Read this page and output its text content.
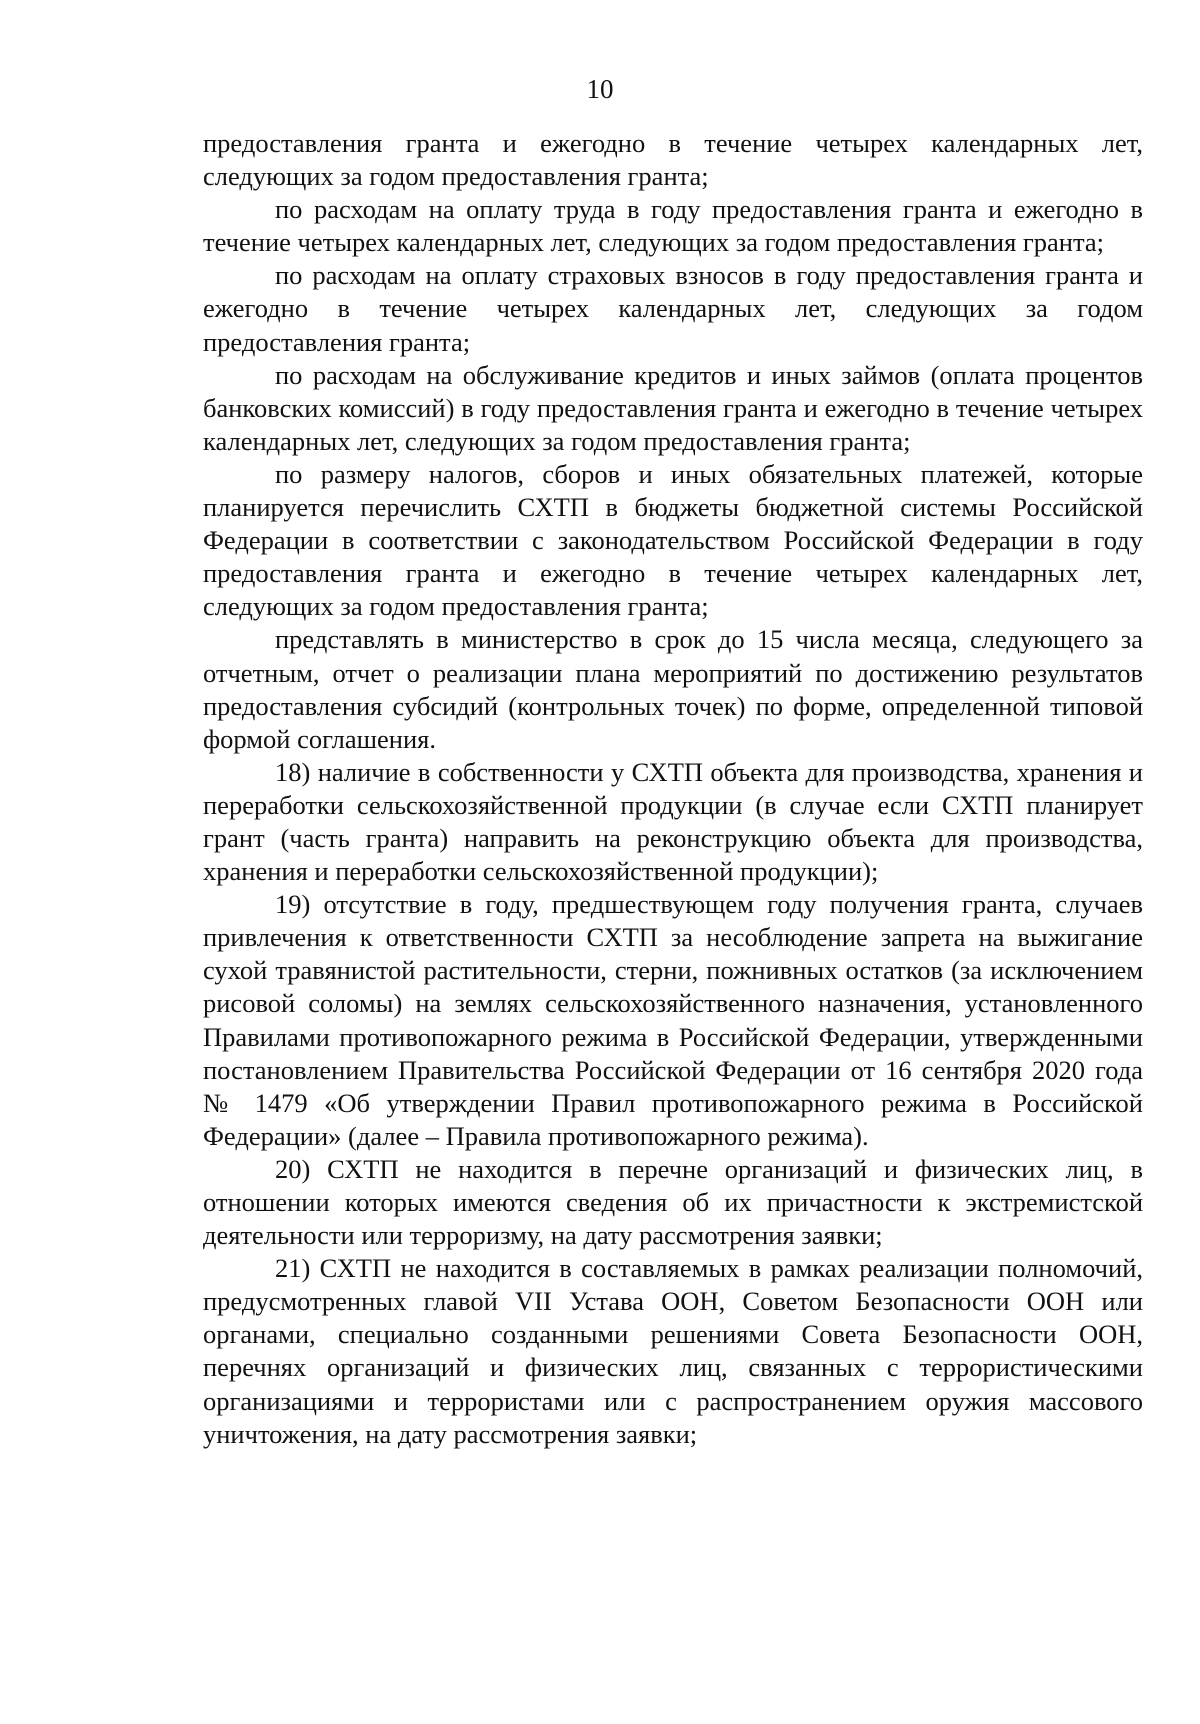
10

предоставления гранта и ежегодно в течение четырех календарных лет, следующих за годом предоставления гранта;

по расходам на оплату труда в году предоставления гранта и ежегодно в течение четырех календарных лет, следующих за годом предоставления гранта;

по расходам на оплату страховых взносов в году предоставления гранта и ежегодно в течение четырех календарных лет, следующих за годом предоставления гранта;

по расходам на обслуживание кредитов и иных займов (оплата процентов банковских комиссий) в году предоставления гранта и ежегодно в течение четырех календарных лет, следующих за годом предоставления гранта;

по размеру налогов, сборов и иных обязательных платежей, которые планируется перечислить СХТП в бюджеты бюджетной системы Российской Федерации в соответствии с законодательством Российской Федерации в году предоставления гранта и ежегодно в течение четырех календарных лет, следующих за годом предоставления гранта;

представлять в министерство в срок до 15 числа месяца, следующего за отчетным, отчет о реализации плана мероприятий по достижению результатов предоставления субсидий (контрольных точек) по форме, определенной типовой формой соглашения.

18) наличие в собственности у СХТП объекта для производства, хранения и переработки сельскохозяйственной продукции (в случае если СХТП планирует грант (часть гранта) направить на реконструкцию объекта для производства, хранения и переработки сельскохозяйственной продукции);

19) отсутствие в году, предшествующем году получения гранта, случаев привлечения к ответственности СХТП за несоблюдение запрета на выжигание сухой травянистой растительности, стерни, пожнивных остатков (за исключением рисовой соломы) на землях сельскохозяйственного назначения, установленного Правилами противопожарного режима в Российской Федерации, утвержденными постановлением Правительства Российской Федерации от 16 сентября 2020 года № 1479 «Об утверждении Правил противопожарного режима в Российской Федерации» (далее – Правила противопожарного режима).

20) СХТП не находится в перечне организаций и физических лиц, в отношении которых имеются сведения об их причастности к экстремистской деятельности или терроризму, на дату рассмотрения заявки;

21) СХТП не находится в составляемых в рамках реализации полномочий, предусмотренных главой VII Устава ООН, Советом Безопасности ООН или органами, специально созданными решениями Совета Безопасности ООН, перечнях организаций и физических лиц, связанных с террористическими организациями и террористами или с распространением оружия массового уничтожения, на дату рассмотрения заявки;
